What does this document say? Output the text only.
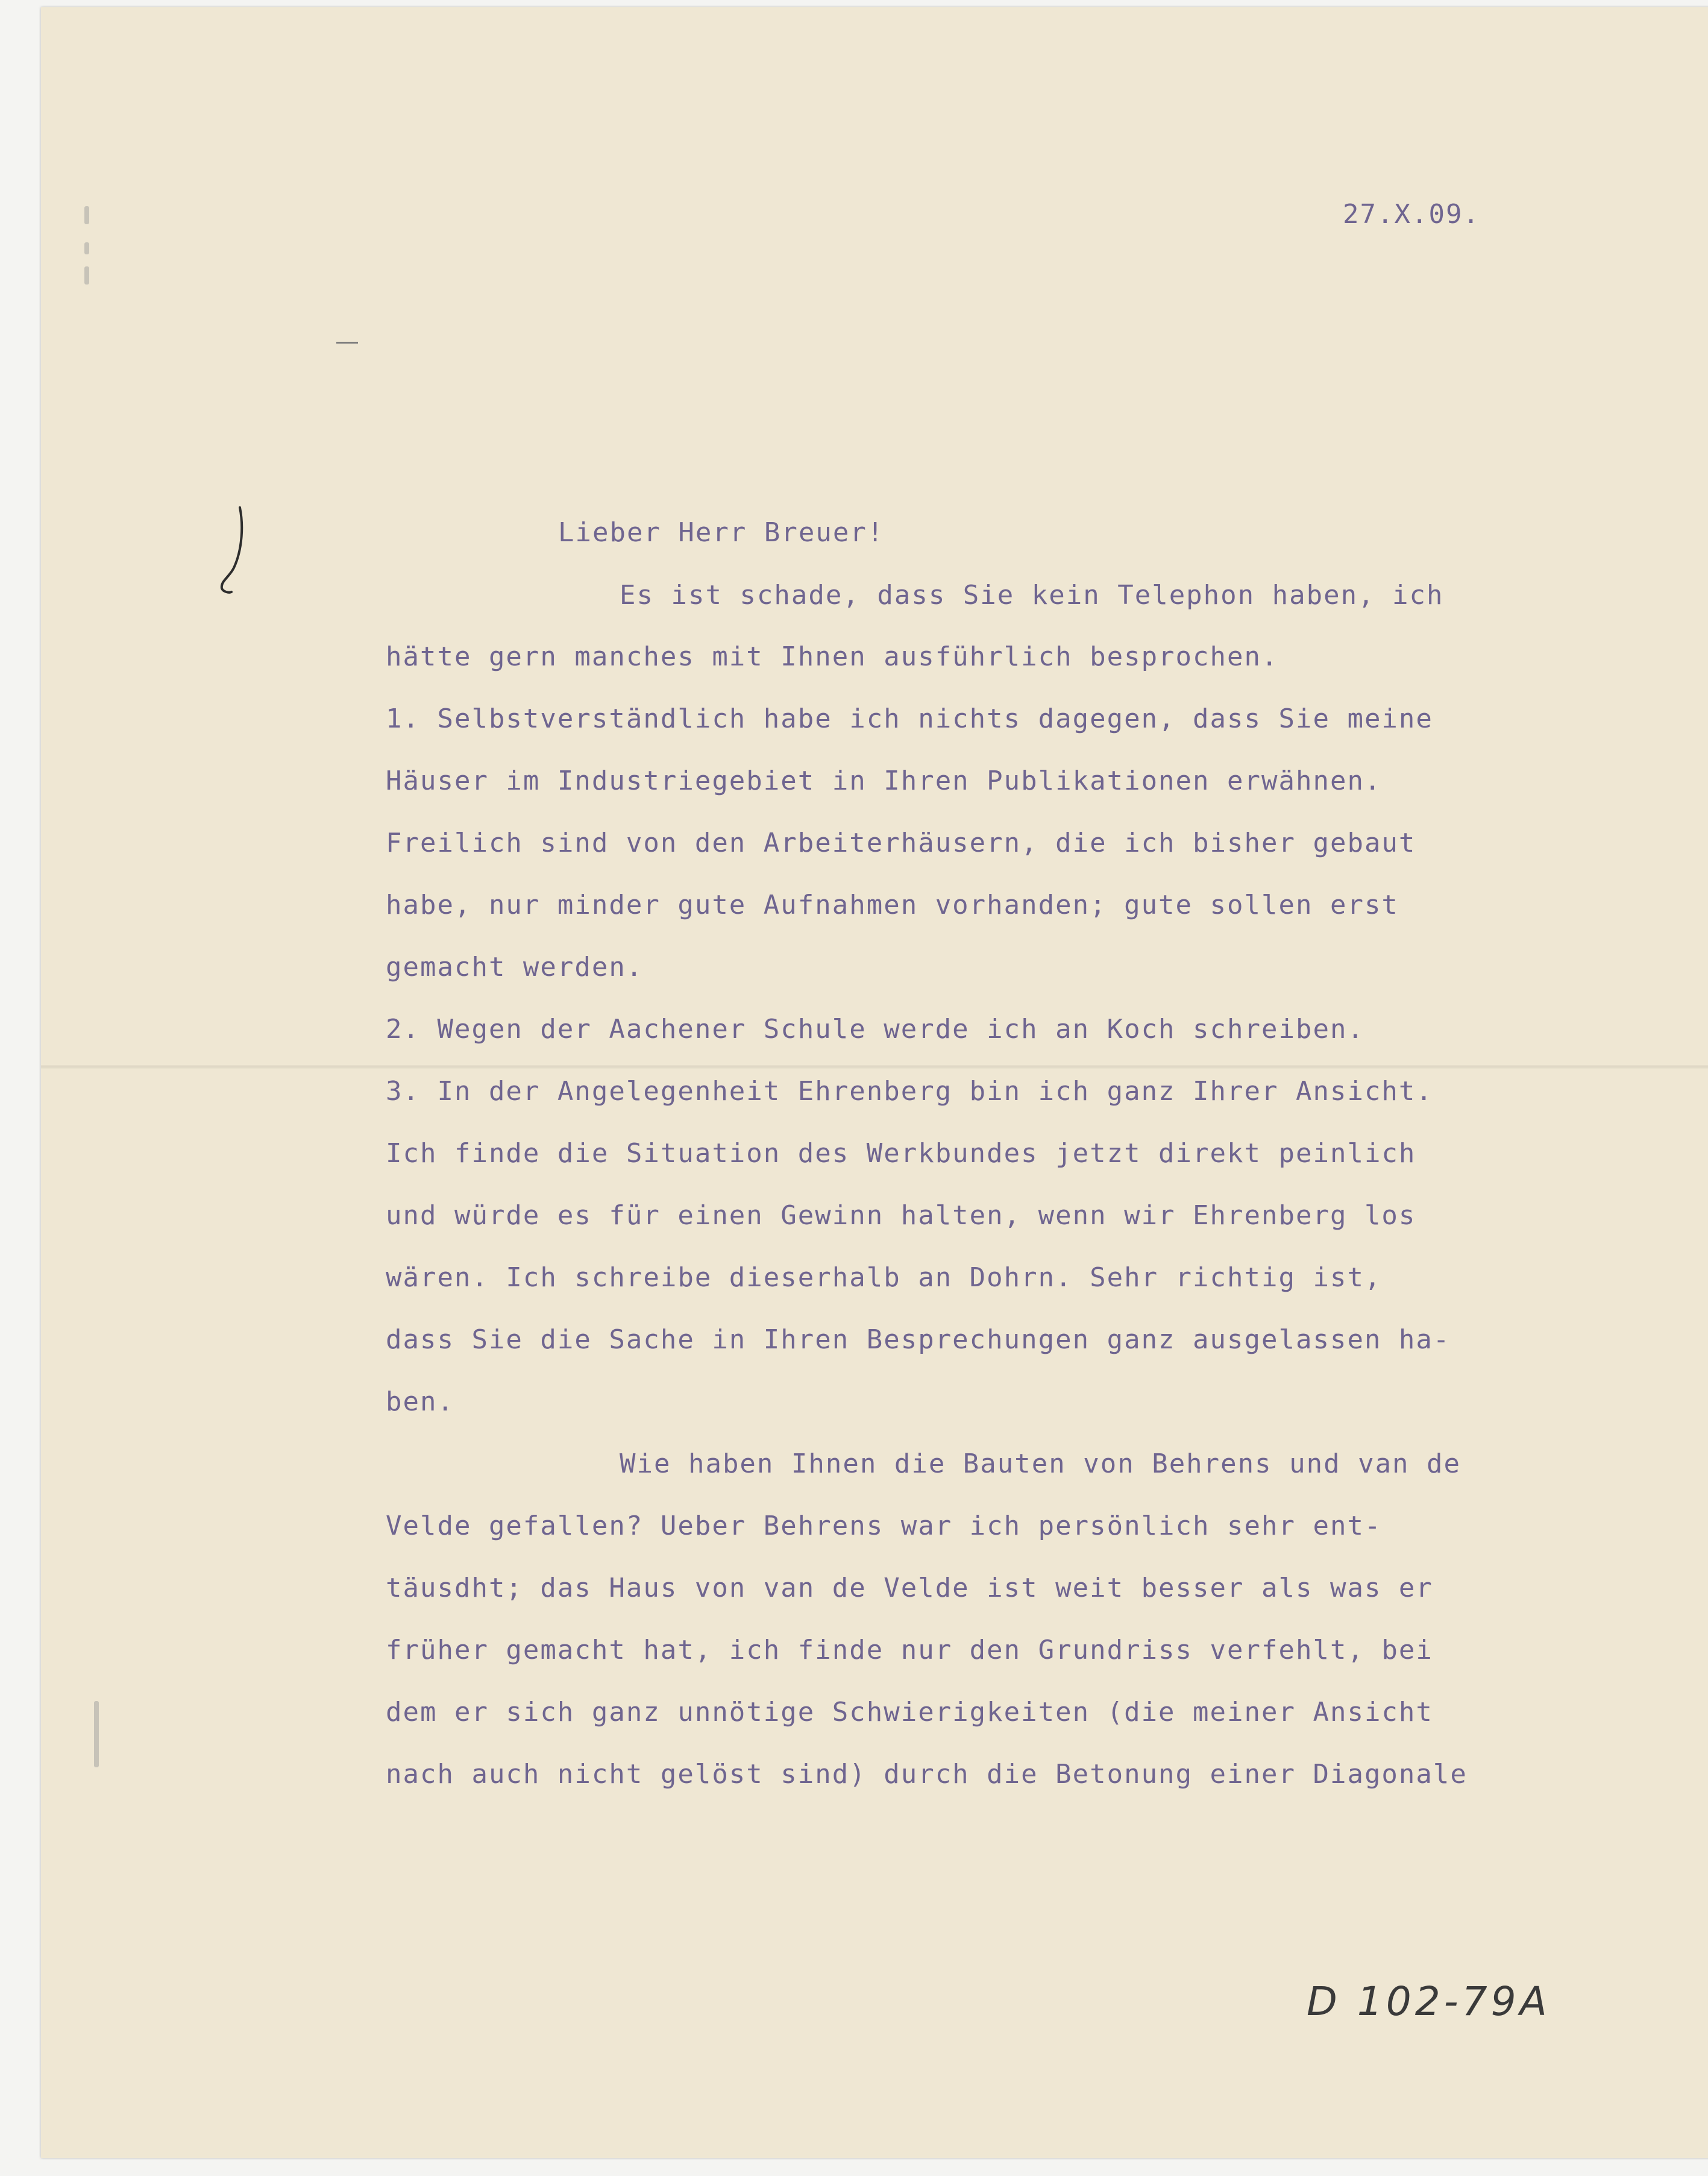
27.X.09.

Lieber Herr Breuer!

Es ist schade, dass Sie kein Telephon haben, ich

hätte gern manches mit Ihnen ausführlich besprochen.

1. Selbstverständlich habe ich nichts dagegen, dass Sie meine

Häuser im Industriegebiet in Ihren Publikationen erwähnen.

Freilich sind von den Arbeiterhäusern, die ich bisher gebaut

habe, nur minder gute Aufnahmen vorhanden; gute sollen erst

gemacht werden.

2. Wegen der Aachener Schule werde ich an Koch schreiben.

3. In der Angelegenheit Ehrenberg bin ich ganz Ihrer Ansicht.

Ich finde die Situation des Werkbundes jetzt direkt peinlich

und würde es für einen Gewinn halten, wenn wir Ehrenberg los

wären. Ich schreibe dieserhalb an Dohrn. Sehr richtig ist,

dass Sie die Sache in Ihren Besprechungen ganz ausgelassen ha-

ben.

Wie haben Ihnen die Bauten von Behrens und van de

Velde gefallen? Ueber Behrens war ich persönlich sehr ent-

täusdht; das Haus von van de Velde ist weit besser als was er

früher gemacht hat, ich finde nur den Grundriss verfehlt, bei

dem er sich ganz unnötige Schwierigkeiten (die meiner Ansicht

nach auch nicht gelöst sind) durch die Betonung einer Diagonale

D 102-79A
